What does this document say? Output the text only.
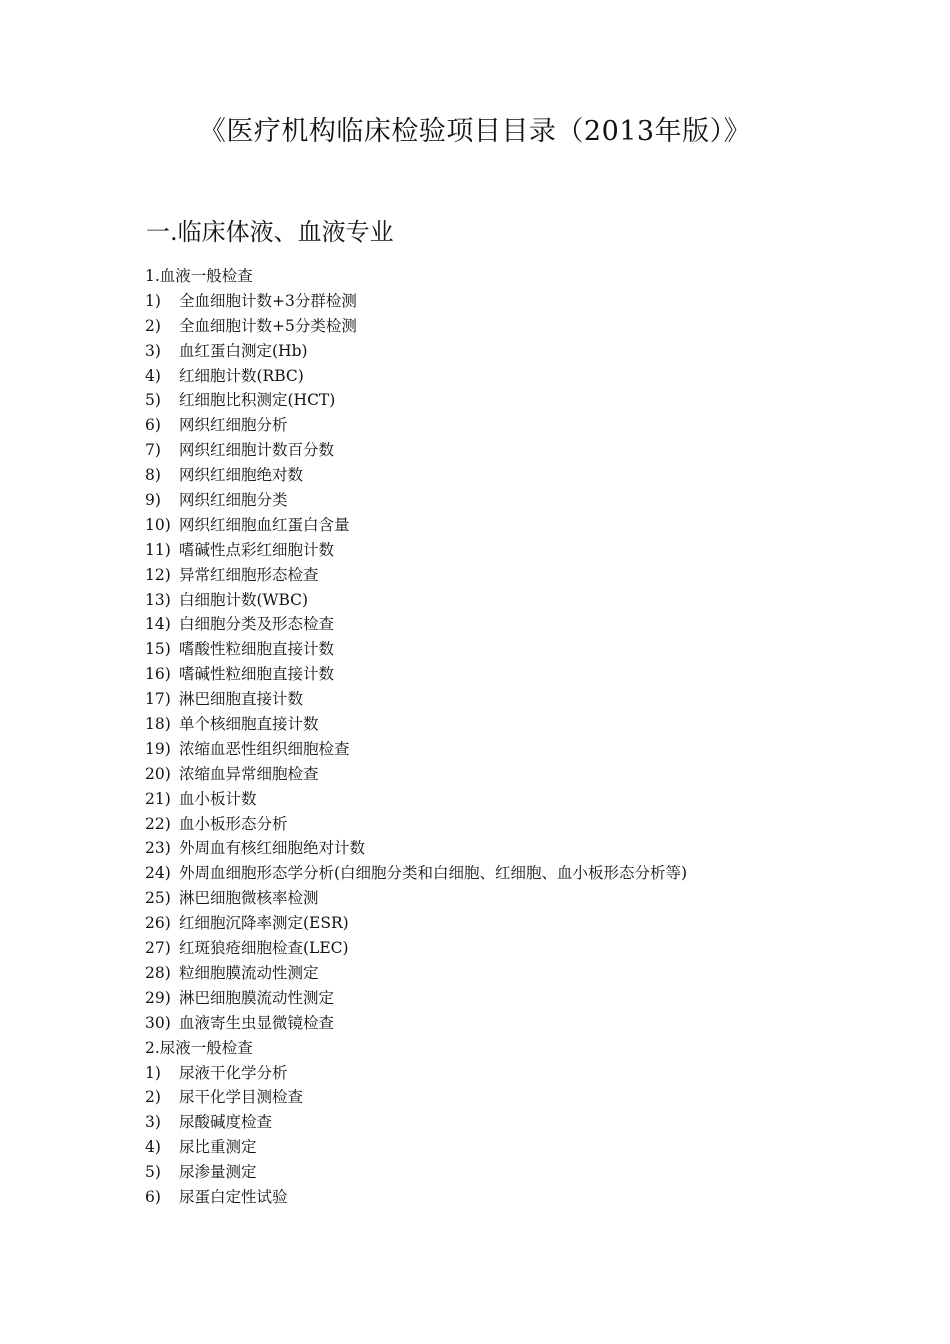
《医疗机构临床检验项目目录（2013年版）》
一.临床体液、血液专业
1.血液一般检查
1) 全血细胞计数+3分群检测
2) 全血细胞计数+5分类检测
3) 血红蛋白测定(Hb)
4) 红细胞计数(RBC)
5) 红细胞比积测定(HCT)
6) 网织红细胞分析
7) 网织红细胞计数百分数
8) 网织红细胞绝对数
9) 网织红细胞分类
10) 网织红细胞血红蛋白含量
11) 嗜碱性点彩红细胞计数
12) 异常红细胞形态检查
13) 白细胞计数(WBC)
14) 白细胞分类及形态检查
15) 嗜酸性粒细胞直接计数
16) 嗜碱性粒细胞直接计数
17) 淋巴细胞直接计数
18) 单个核细胞直接计数
19) 浓缩血恶性组织细胞检查
20) 浓缩血异常细胞检查
21) 血小板计数
22) 血小板形态分析
23) 外周血有核红细胞绝对计数
24) 外周血细胞形态学分析(白细胞分类和白细胞、红细胞、血小板形态分析等)
25) 淋巴细胞微核率检测
26) 红细胞沉降率测定(ESR)
27) 红斑狼疮细胞检查(LEC)
28) 粒细胞膜流动性测定
29) 淋巴细胞膜流动性测定
30) 血液寄生虫显微镜检查
2.尿液一般检查
1) 尿液干化学分析
2) 尿干化学目测检查
3) 尿酸碱度检查
4) 尿比重测定
5) 尿渗量测定
6) 尿蛋白定性试验
